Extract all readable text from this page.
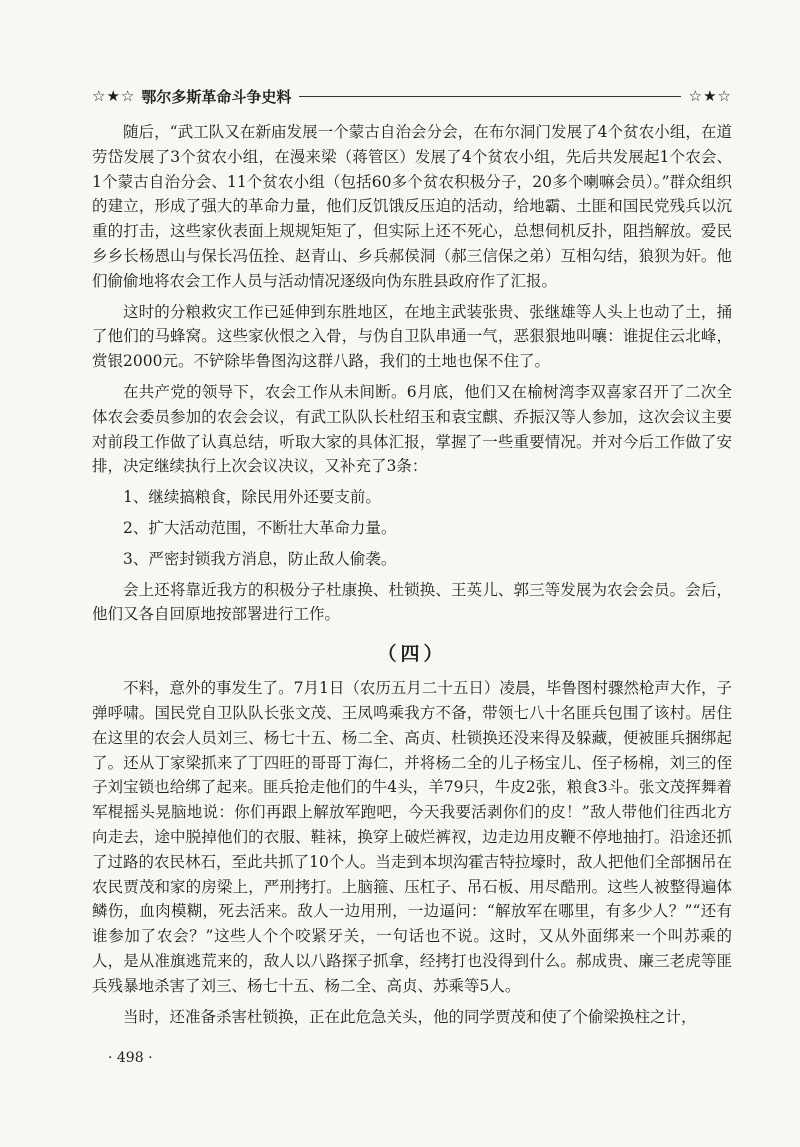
☆★☆ 鄂尔多斯革命斗争史料	☆★☆

随后，“武工队又在新庙发展一个蒙古自治会分会，在布尔洞门发展了4个贫农小组，在道劳岱发展了3个贫农小组，在漫来梁（蒋管区）发展了4个贫农小组，先后共发展起1个农会、1个蒙古自治分会、11个贫农小组（包括60多个贫农积极分子，20多个喇嘛会员）。”群众组织的建立，形成了强大的革命力量，他们反饥饿反压迫的活动，给地霸、土匪和国民党残兵以沉重的打击，这些家伙表面上规规矩矩了，但实际上还不死心，总想伺机反扑，阻挡解放。爱民乡乡长杨恩山与保长冯伍拴、赵青山、乡兵郝侯洞（郝三信保之弟）互相勾结，狼狈为奸。他们偷偷地将农会工作人员与活动情况逐级向伪东胜县政府作了汇报。

这时的分粮救灾工作已延伸到东胜地区，在地主武装张贵、张继雄等人头上也动了土，捅了他们的马蜂窝。这些家伙恨之入骨，与伪自卫队串通一气，恶狠狠地叫嚷：谁捉住云北峰，赏银2000元。不铲除毕鲁图沟这群八路，我们的土地也保不住了。

在共产党的领导下，农会工作从未间断。6月底，他们又在榆树湾李双喜家召开了二次全体农会委员参加的农会会议，有武工队队长杜绍玉和袁宝麒、乔振汉等人参加，这次会议主要对前段工作做了认真总结，听取大家的具体汇报，掌握了一些重要情况。并对今后工作做了安排，决定继续执行上次会议决议，又补充了3条：

1、继续搞粮食，除民用外还要支前。

2、扩大活动范围，不断壮大革命力量。

3、严密封锁我方消息，防止敌人偷袭。

会上还将靠近我方的积极分子杜康换、杜锁换、王英儿、郭三等发展为农会会员。会后，他们又各自回原地按部署进行工作。

（四）

不料，意外的事发生了。7月1日（农历五月二十五日）凌晨，毕鲁图村骤然枪声大作，子弹呼啸。国民党自卫队队长张文茂、王凤鸣乘我方不备，带领七八十名匪兵包围了该村。居住在这里的农会人员刘三、杨七十五、杨二全、高贞、杜锁换还没来得及躲藏，便被匪兵捆绑起了。还从丁家梁抓来了丁四旺的哥哥丁海仁，并将杨二全的儿子杨宝儿、侄子杨棉，刘三的侄子刘宝锁也给绑了起来。匪兵抢走他们的牛4头，羊79只，牛皮2张，粮食3斗。张文茂挥舞着军棍摇头晃脑地说：你们再跟上解放军跑吧，今天我要活剥你们的皮！”敌人带他们往西北方向走去，途中脱掉他们的衣服、鞋袜，换穿上破烂裤衩，边走边用皮鞭不停地抽打。沿途还抓了过路的农民林石，至此共抓了10个人。当走到本坝沟霍吉特拉壕时，敌人把他们全部捆吊在农民贾茂和家的房梁上，严刑拷打。上脑箍、压杠子、吊石板、用尽酷刑。这些人被整得遍体鳞伤，血肉模糊，死去活来。敌人一边用刑，一边逼问：“解放军在哪里，有多少人？”“还有谁参加了农会？”这些人个个咬紧牙关，一句话也不说。这时，又从外面绑来一个叫苏乘的人，是从准旗逃荒来的，敌人以八路探子抓拿，经拷打也没得到什么。郝成贵、廉三老虎等匪兵残暴地杀害了刘三、杨七十五、杨二全、高贞、苏乘等5人。

当时，还准备杀害杜锁换，正在此危急关头，他的同学贾茂和使了个偷梁换柱之计，

· 498 ·
